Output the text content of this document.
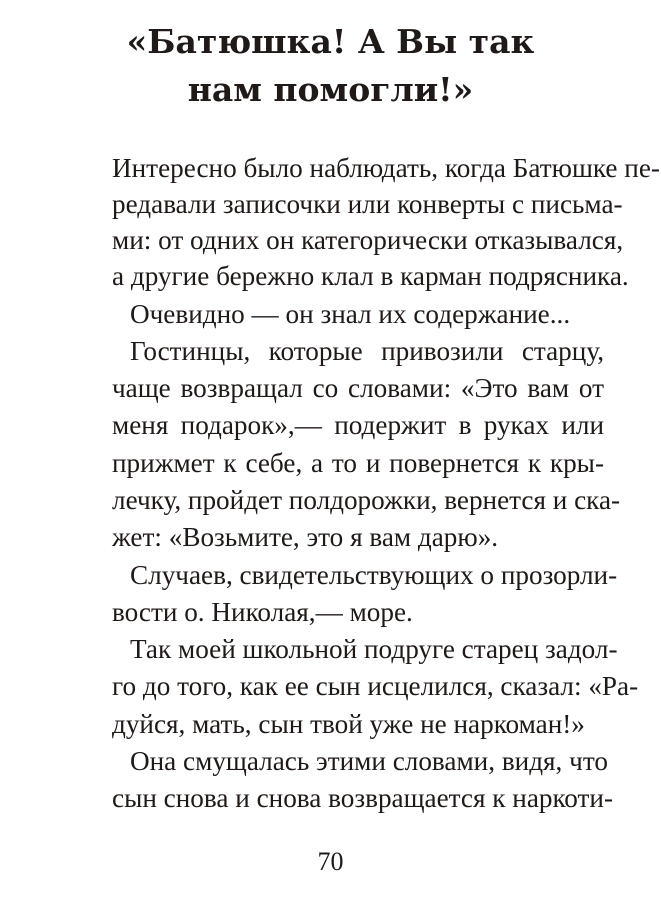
«Батюшка! А Вы так
нам помогли!»
Интересно было наблюдать, когда Батюшке пе-
редавали записочки или конверты с письма-
ми: от одних он категорически отказывался,
а другие бережно клал в карман подрясника.
Очевидно — он знал их содержание...
Гостинцы, которые привозили старцу,
чаще возвращал со словами: «Это вам от
меня подарок»,— подержит в руках или
прижмет к себе, а то и повернется к кры-
лечку, пройдет полдорожки, вернется и ска-
жет: «Возьмите, это я вам дарю».
Случаев, свидетельствующих о прозорли-
вости о. Николая,— море.
Так моей школьной подруге старец задол-
го до того, как ее сын исцелился, сказал: «Ра-
дуйся, мать, сын твой уже не наркоман!»
Она смущалась этими словами, видя, что
сын снова и снова возвращается к наркоти-
70
